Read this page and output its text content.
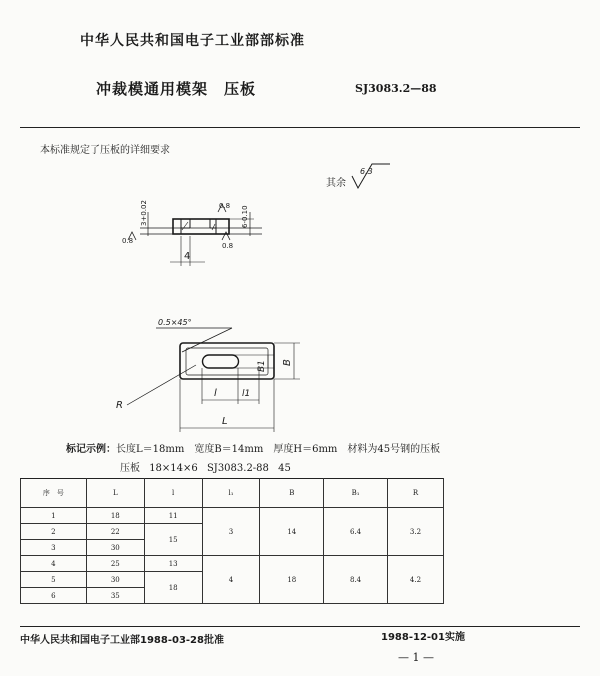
中华人民共和国电子工业部部标准
冲裁模通用模架　压板	SJ3083.2—88
本标准规定了压板的详细要求
其余
6.3
3+0.02	6-0.10
0.8
0.8
0.8
4
0.5×45°
R
l	l1
L
B1 B
标记示例：长度L＝18mm　宽度B＝14mm　厚度H＝6mm　材料为45号钢的压板
压板 18×14×6 SJ3083.2-88 45
序　号	L	l	l₁	B	B₁	R
1	18	11	3	14	6.4	3.2
2	22	15				
3	30					
4	25	13	4	18	8.4	4.2
5	30	18				
6	35					
中华人民共和国电子工业部1988-03-28批准	1988-12-01实施
— 1 —
